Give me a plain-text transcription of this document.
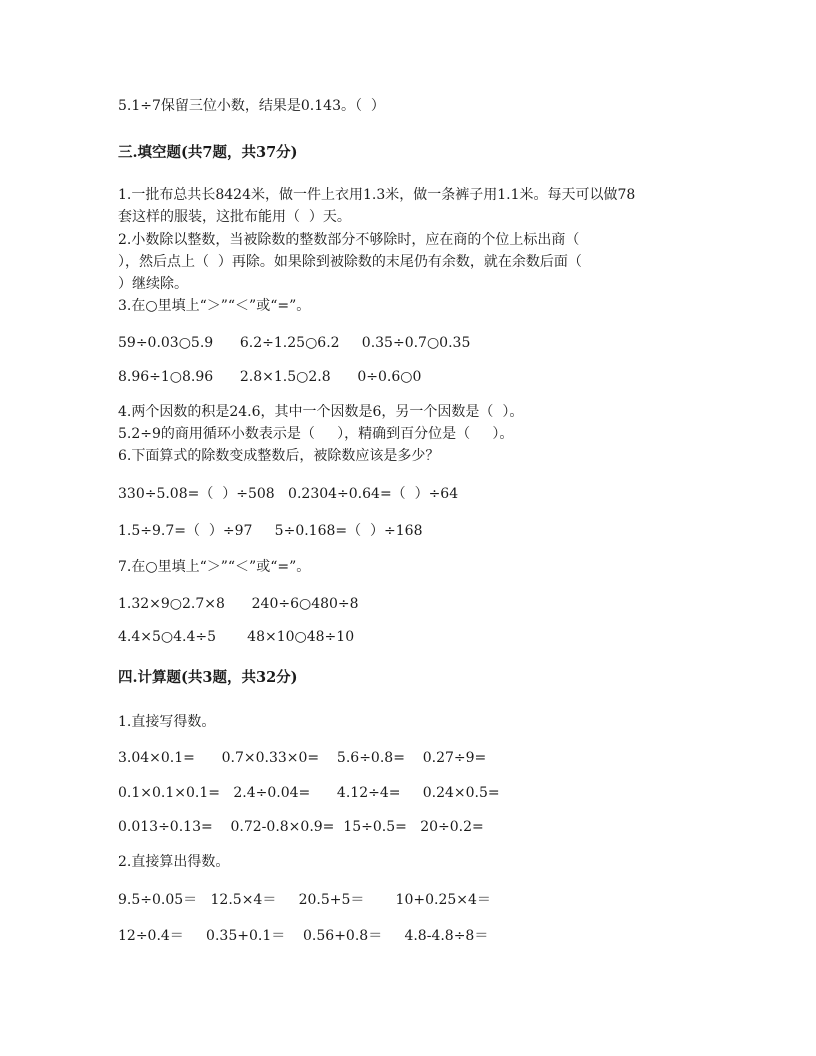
5.1÷7保留三位小数，结果是0.143。（  ）
三.填空题(共7题，共37分)
1.一批布总共长8424米，做一件上衣用1.3米，做一条裤子用1.1米。每天可以做78
套这样的服装，这批布能用（  ）天。
2.小数除以整数，当被除数的整数部分不够除时，应在商的个位上标出商（
），然后点上（  ）再除。如果除到被除数的末尾仍有余数，就在余数后面（
）继续除。
3.在○里填上“＞”“＜”或“=”。
59÷0.03○5.9      6.2÷1.25○6.2     0.35÷0.7○0.35
8.96÷1○8.96      2.8×1.5○2.8      0÷0.6○0
4.两个因数的积是24.6，其中一个因数是6，另一个因数是（  ）。
5.2÷9的商用循环小数表示是（     ），精确到百分位是（     ）。
6.下面算式的除数变成整数后，被除数应该是多少？
330÷5.08=（  ）÷508   0.2304÷0.64=（  ）÷64
1.5÷9.7=（  ）÷97     5÷0.168=（  ）÷168
7.在○里填上“＞”“＜”或“=”。
1.32×9○2.7×8      240÷6○480÷8
4.4×5○4.4÷5       48×10○48÷10
四.计算题(共3题，共32分)
1.直接写得数。
3.04×0.1=      0.7×0.33×0=    5.6÷0.8=    0.27÷9=
0.1×0.1×0.1=   2.4÷0.04=      4.12÷4=     0.24×0.5=
0.013÷0.13=    0.72-0.8×0.9=  15÷0.5=   20÷0.2=
2.直接算出得数。
9.5÷0.05＝   12.5×4＝     20.5+5＝       10+0.25×4＝
12÷0.4＝     0.35+0.1＝    0.56+0.8＝     4.8-4.8÷8＝
